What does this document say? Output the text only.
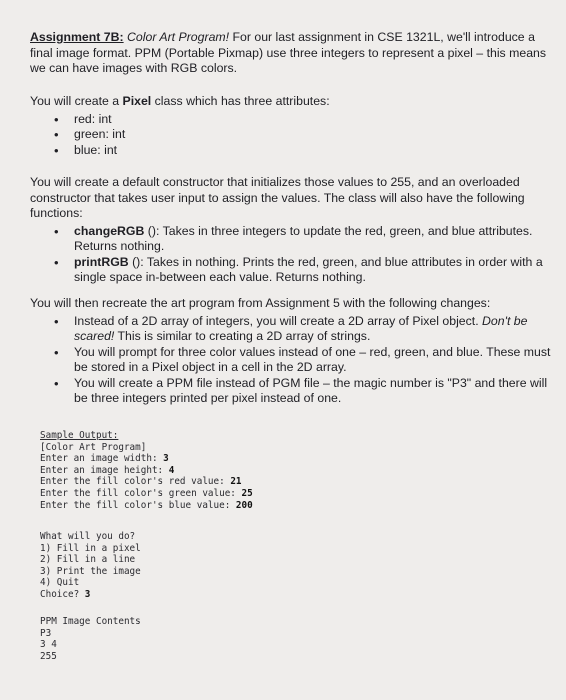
Assignment 7B: Color Art Program! For our last assignment in CSE 1321L, we'll introduce a final image format. PPM (Portable Pixmap) use three integers to represent a pixel – this means we can have images with RGB colors.
You will create a Pixel class which has three attributes:
• red: int
• green: int
• blue: int
You will create a default constructor that initializes those values to 255, and an overloaded constructor that takes user input to assign the values. The class will also have the following functions:
• changeRGB (): Takes in three integers to update the red, green, and blue attributes. Returns nothing.
• printRGB (): Takes in nothing. Prints the red, green, and blue attributes in order with a single space in-between each value. Returns nothing.
You will then recreate the art program from Assignment 5 with the following changes:
• Instead of a 2D array of integers, you will create a 2D array of Pixel object. Don't be scared! This is similar to creating a 2D array of strings.
• You will prompt for three color values instead of one – red, green, and blue. These must be stored in a Pixel object in a cell in the 2D array.
• You will create a PPM file instead of PGM file – the magic number is "P3" and there will be three integers printed per pixel instead of one.
Sample Output:
[Color Art Program]
Enter an image width: 3
Enter an image height: 4
Enter the fill color's red value: 21
Enter the fill color's green value: 25
Enter the fill color's blue value: 200
What will you do?
1) Fill in a pixel
2) Fill in a line
3) Print the image
4) Quit
Choice? 3
PPM Image Contents
P3
3 4
255
